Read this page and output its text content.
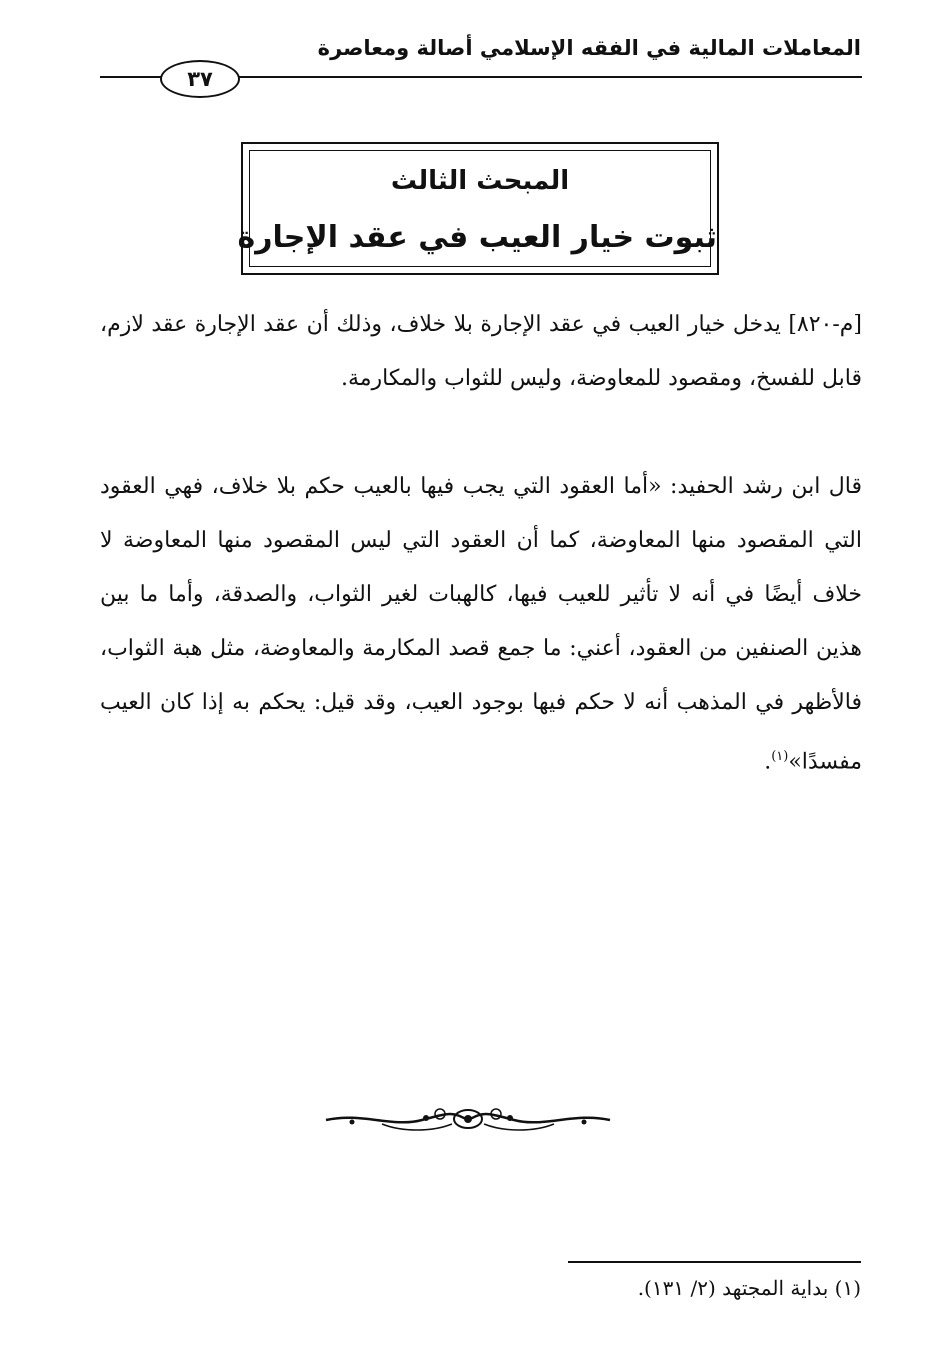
المعاملات المالية في الفقه الإسلامي أصالة ومعاصرة
٣٧
المبحث الثالث
ثبوت خيار العيب في عقد الإجارة
[م-٨٢٠] يدخل خيار العيب في عقد الإجارة بلا خلاف، وذلك أن عقد الإجارة عقد لازم، قابل للفسخ، ومقصود للمعاوضة، وليس للثواب والمكارمة.
قال ابن رشد الحفيد: «أما العقود التي يجب فيها بالعيب حكم بلا خلاف، فهي العقود التي المقصود منها المعاوضة، كما أن العقود التي ليس المقصود منها المعاوضة لا خلاف أيضًا في أنه لا تأثير للعيب فيها، كالهبات لغير الثواب، والصدقة، وأما ما بين هذين الصنفين من العقود، أعني: ما جمع قصد المكارمة والمعاوضة، مثل هبة الثواب، فالأظهر في المذهب أنه لا حكم فيها بوجود العيب، وقد قيل: يحكم به إذا كان العيب مفسدًا»$^{(١)}$.
(١) بداية المجتهد (٢/ ١٣١).
